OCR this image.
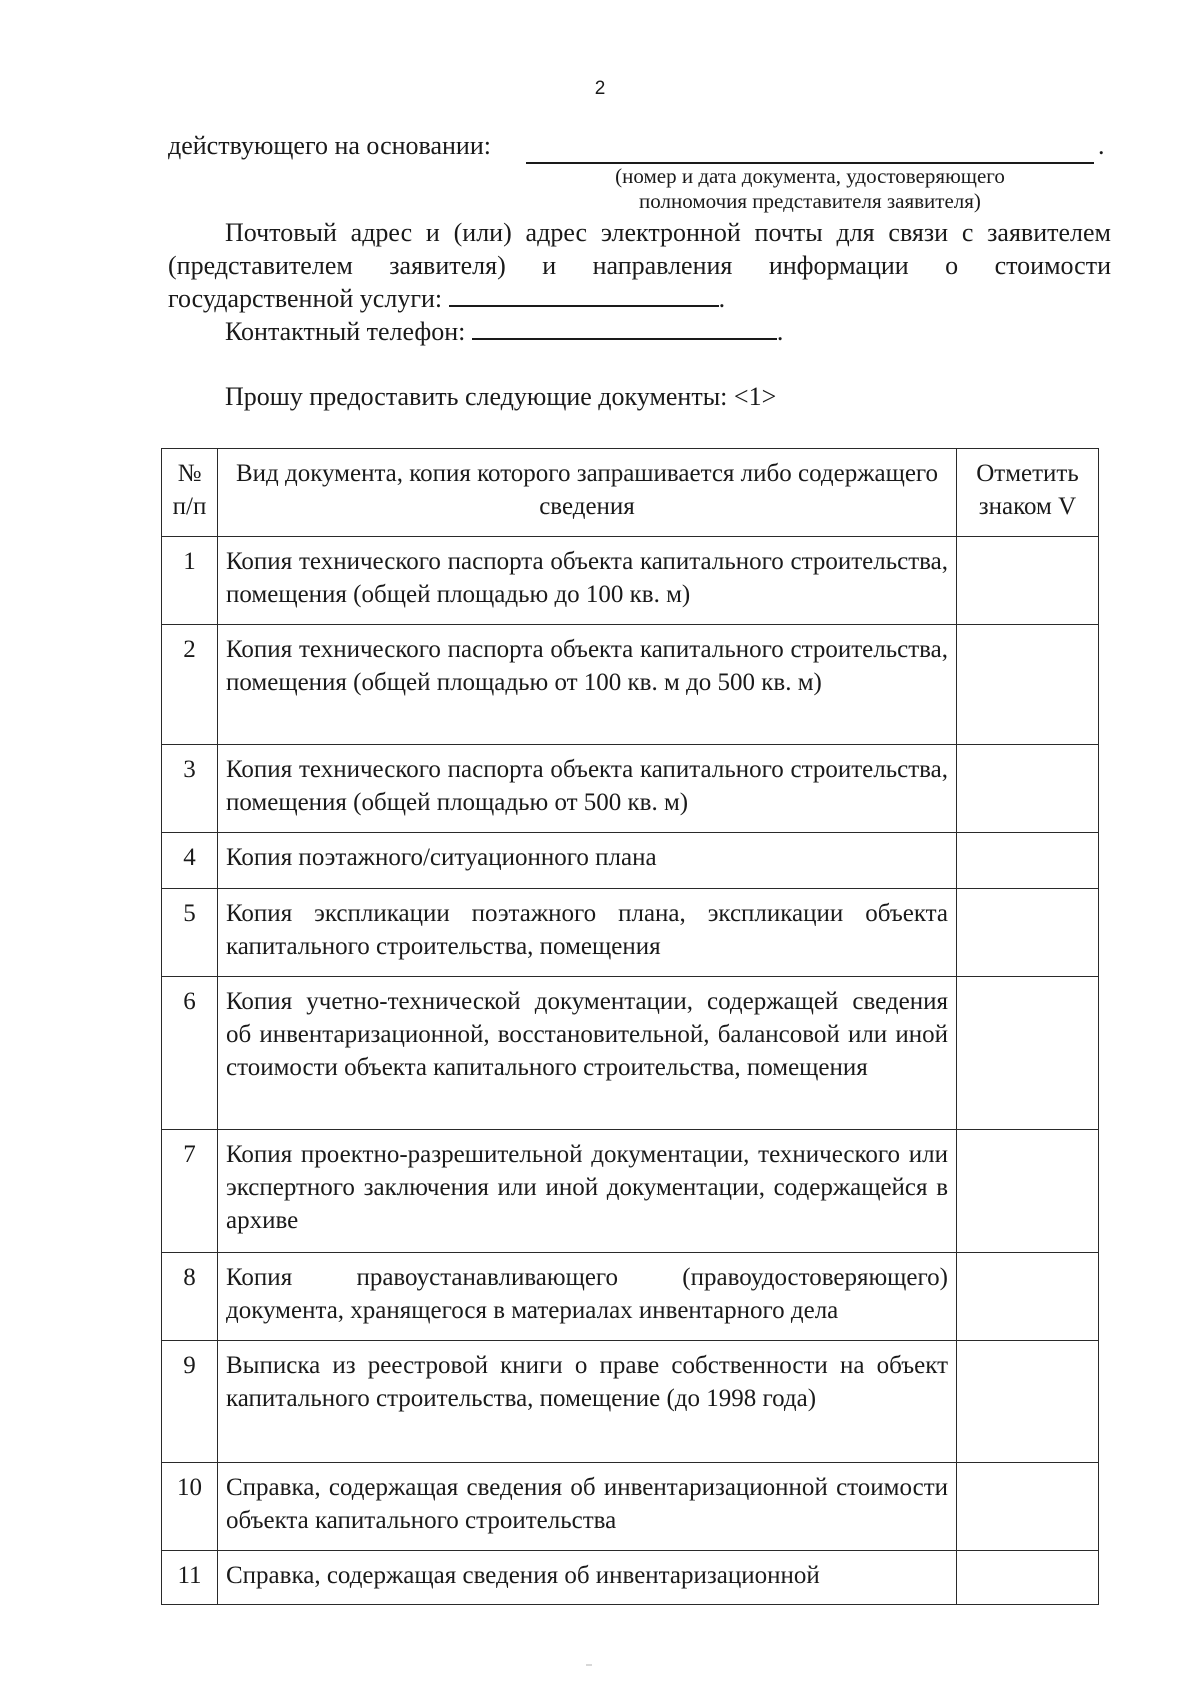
2
действующего на основании:	.
(номер и дата документа, удостоверяющего
полномочия представителя заявителя)
Почтовый адрес и (или) адрес электронной почты для связи с заявителем (представителем заявителя) и направления информации о стоимости государственной услуги:	.
Контактный телефон:	.
Прошу предоставить следующие документы: <1>
№ п/п	Вид документа, копия которого запрашивается либо содержащего сведения	Отметить знаком V
1	Копия технического паспорта объекта капитального строительства, помещения (общей площадью до 100 кв. м)	
2	Копия технического паспорта объекта капитального строительства, помещения (общей площадью от 100 кв. м до 500 кв. м)	
3	Копия технического паспорта объекта капитального строительства, помещения (общей площадью от 500 кв. м)	
4	Копия поэтажного/ситуационного плана	
5	Копия экспликации поэтажного плана, экспликации объекта капитального строительства, помещения	
6	Копия учетно-технической документации, содержащей сведения об инвентаризационной, восстановительной, балансовой или иной стоимости объекта капитального строительства, помещения	
7	Копия проектно-разрешительной документации, технического или экспертного заключения или иной документации, содержащейся в архиве	
8	Копия правоустанавливающего (правоудостоверяющего) документа, хранящегося в материалах инвентарного дела	
9	Выписка из реестровой книги о праве собственности на объект капитального строительства, помещение (до 1998 года)	
10	Справка, содержащая сведения об инвентаризационной стоимости объекта капитального строительства	
11	Справка, содержащая сведения об инвентаризационной	
